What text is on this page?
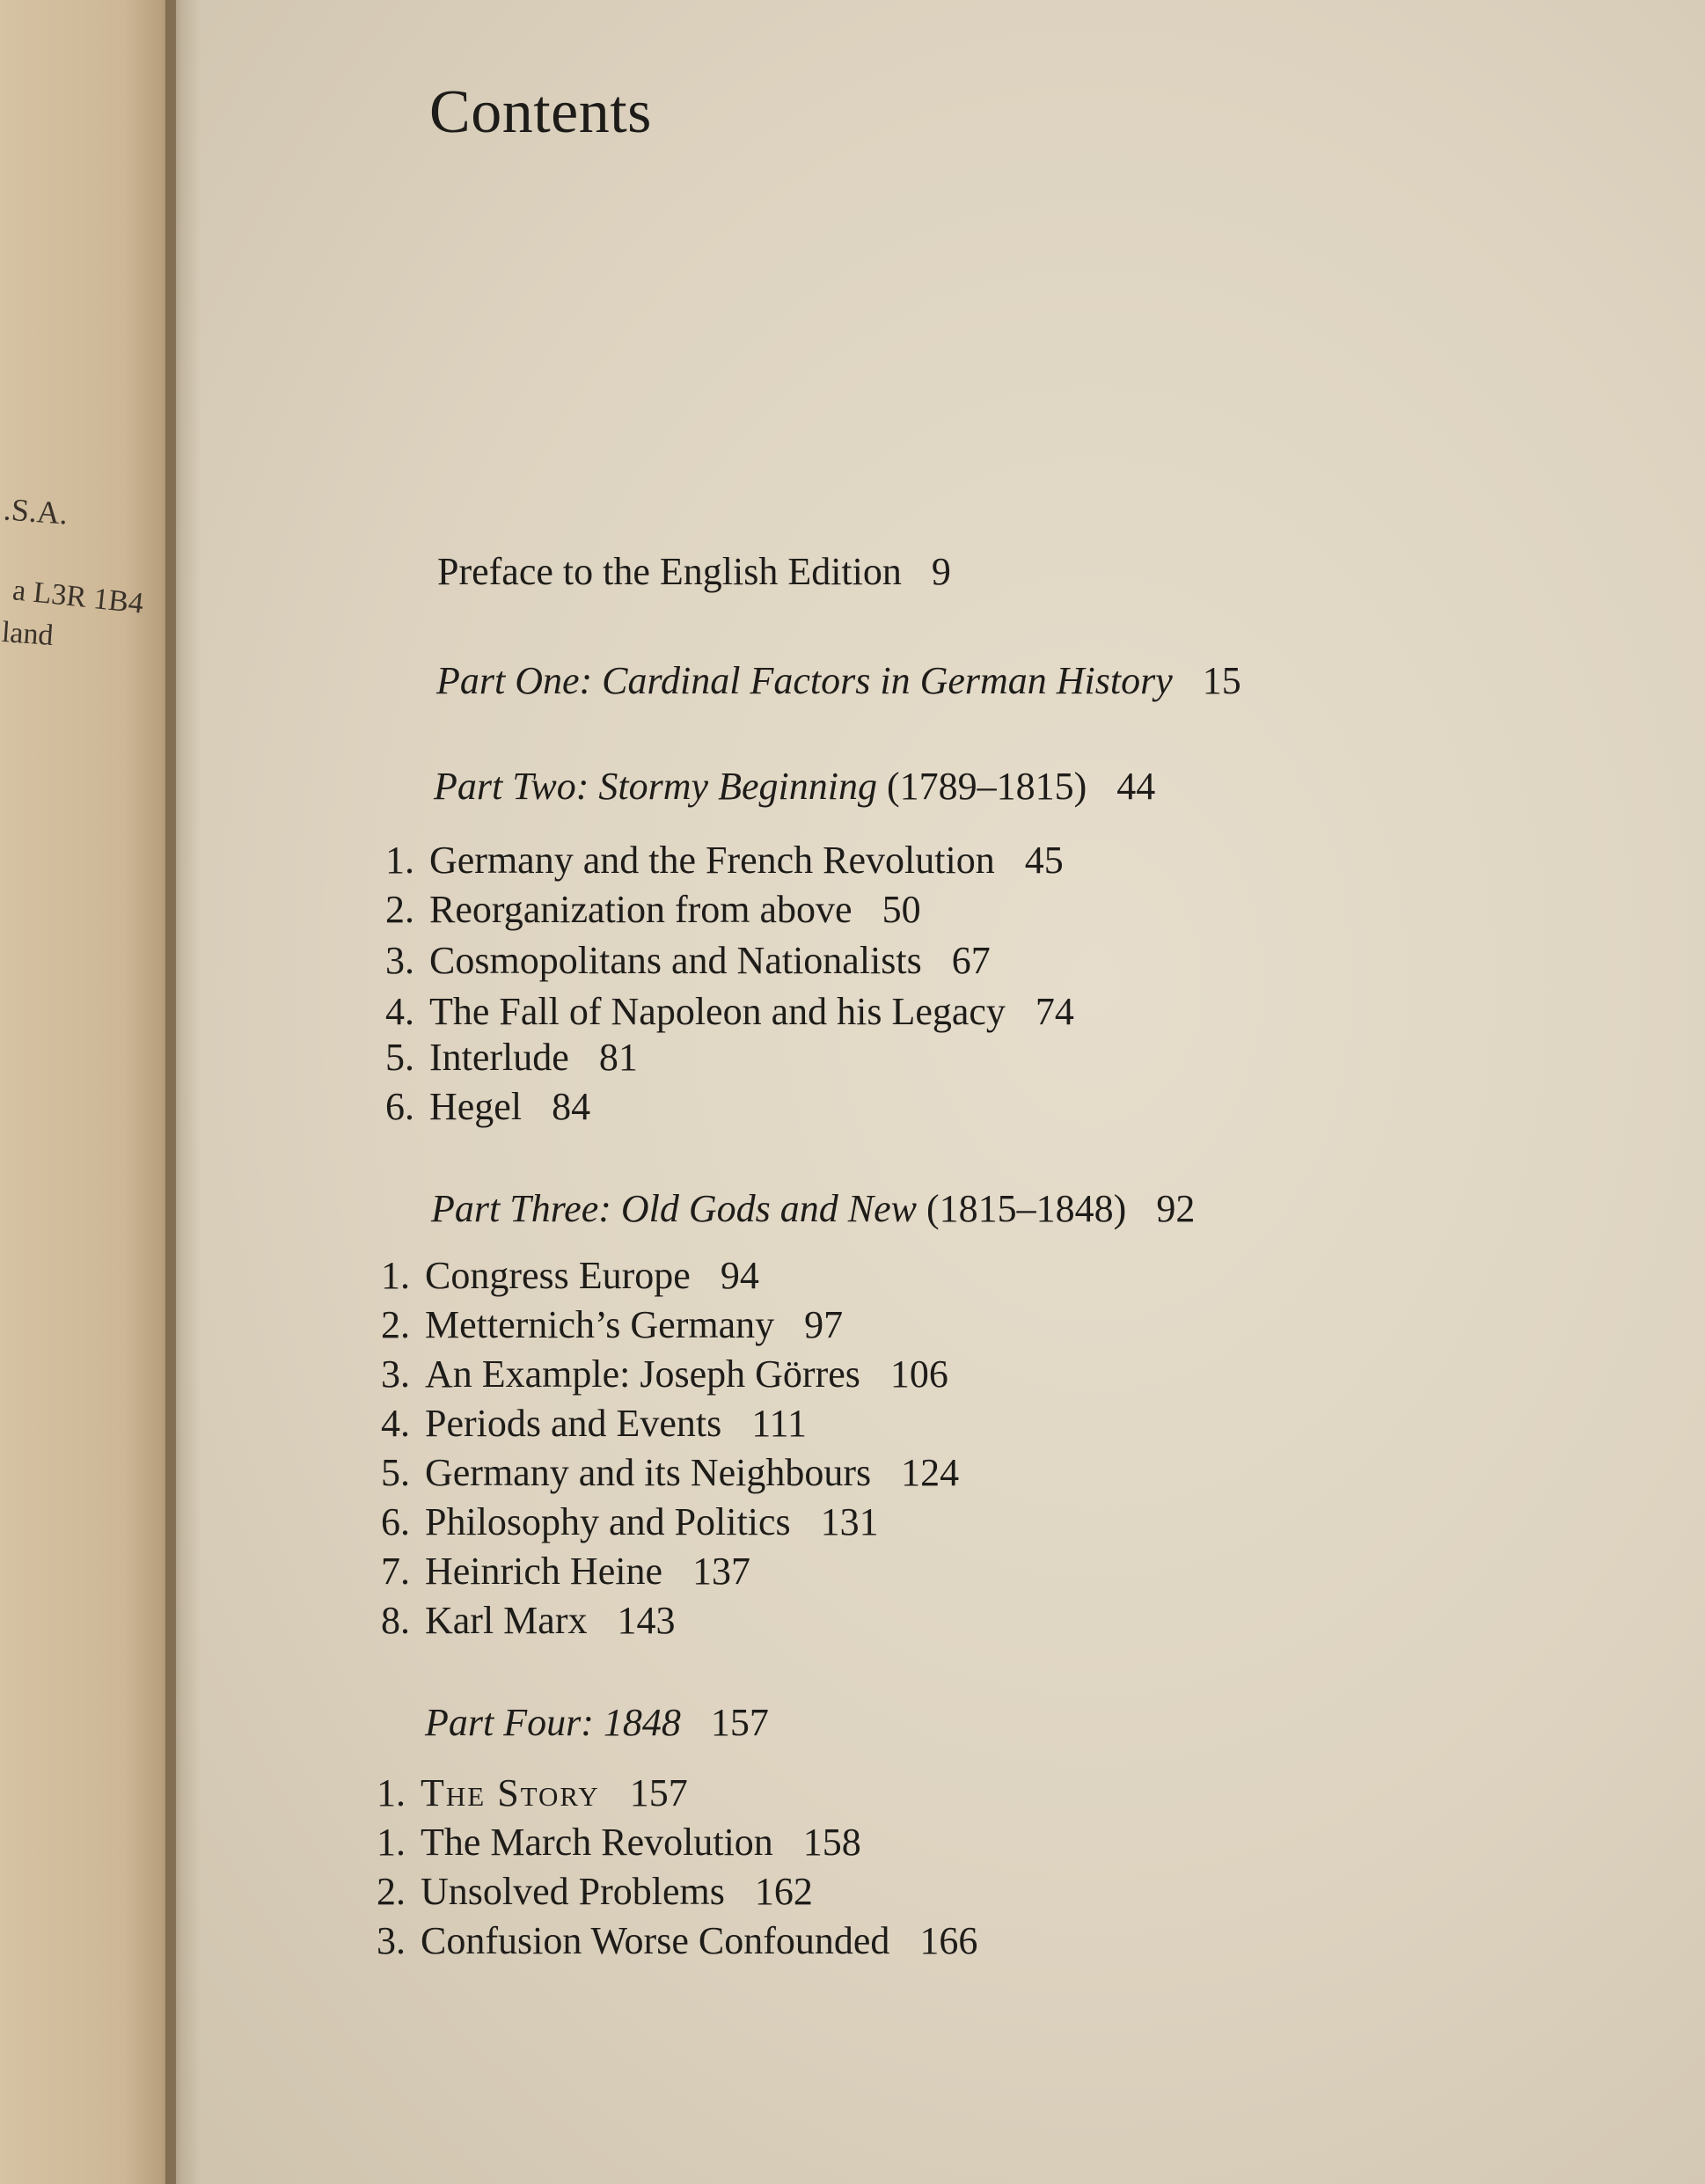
.S.A.
a L3R 1B4
land
Contents
Preface to the English Edition 9
Part One: Cardinal Factors in German History 15
Part Two: Stormy Beginning (1789–1815) 44
1. Germany and the French Revolution 45
2. Reorganization from above 50
3. Cosmopolitans and Nationalists 67
4. The Fall of Napoleon and his Legacy 74
5. Interlude 81
6. Hegel 84
Part Three: Old Gods and New (1815–1848) 92
1. Congress Europe 94
2. Metternich’s Germany 97
3. An Example: Joseph Görres 106
4. Periods and Events 111
5. Germany and its Neighbours 124
6. Philosophy and Politics 131
7. Heinrich Heine 137
8. Karl Marx 143
Part Four: 1848 157
1. The Story 157
1. The March Revolution 158
2. Unsolved Problems 162
3. Confusion Worse Confounded 166
